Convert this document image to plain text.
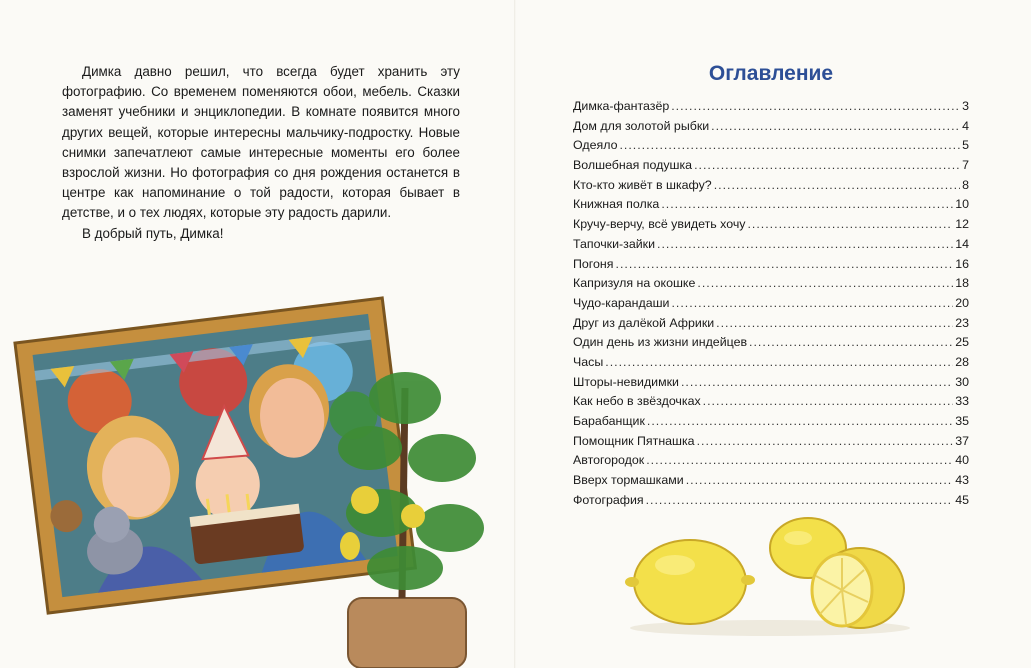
Димка давно решил, что всегда будет хранить эту фотографию. Со временем поменяются обои, мебель. Сказки заменят учебники и энциклопедии. В комнате появится много других вещей, которые интересны мальчику-подростку. Новые снимки запечатлеют самые интересные моменты его более взрослой жизни. Но фотография со дня рождения останется в центре как напоминание о той радости, которая бывает в детстве, и о тех людях, которые эту радость дарили.

В добрый путь, Димка!

Оглавление
Димка-фантазёр .....	3
Дом для золотой рыбки .....	4
Одеяло .....	5
Волшебная подушка .....	7
Кто-кто живёт в шкафу? .....	8
Книжная полка .....	10
Кручу-верчу, всё увидеть хочу .....	12
Тапочки-зайки .....	14
Погоня .....	16
Капризуля на окошке .....	18
Чудо-карандаши .....	20
Друг из далёкой Африки .....	23
Один день из жизни индейцев .....	25
Часы .....	28
Шторы-невидимки .....	30
Как небо в звёздочках .....	33
Барабанщик .....	35
Помощник Пятнашка .....	37
Автогородок .....	40
Вверх тормашками .....	43
Фотография .....	45
